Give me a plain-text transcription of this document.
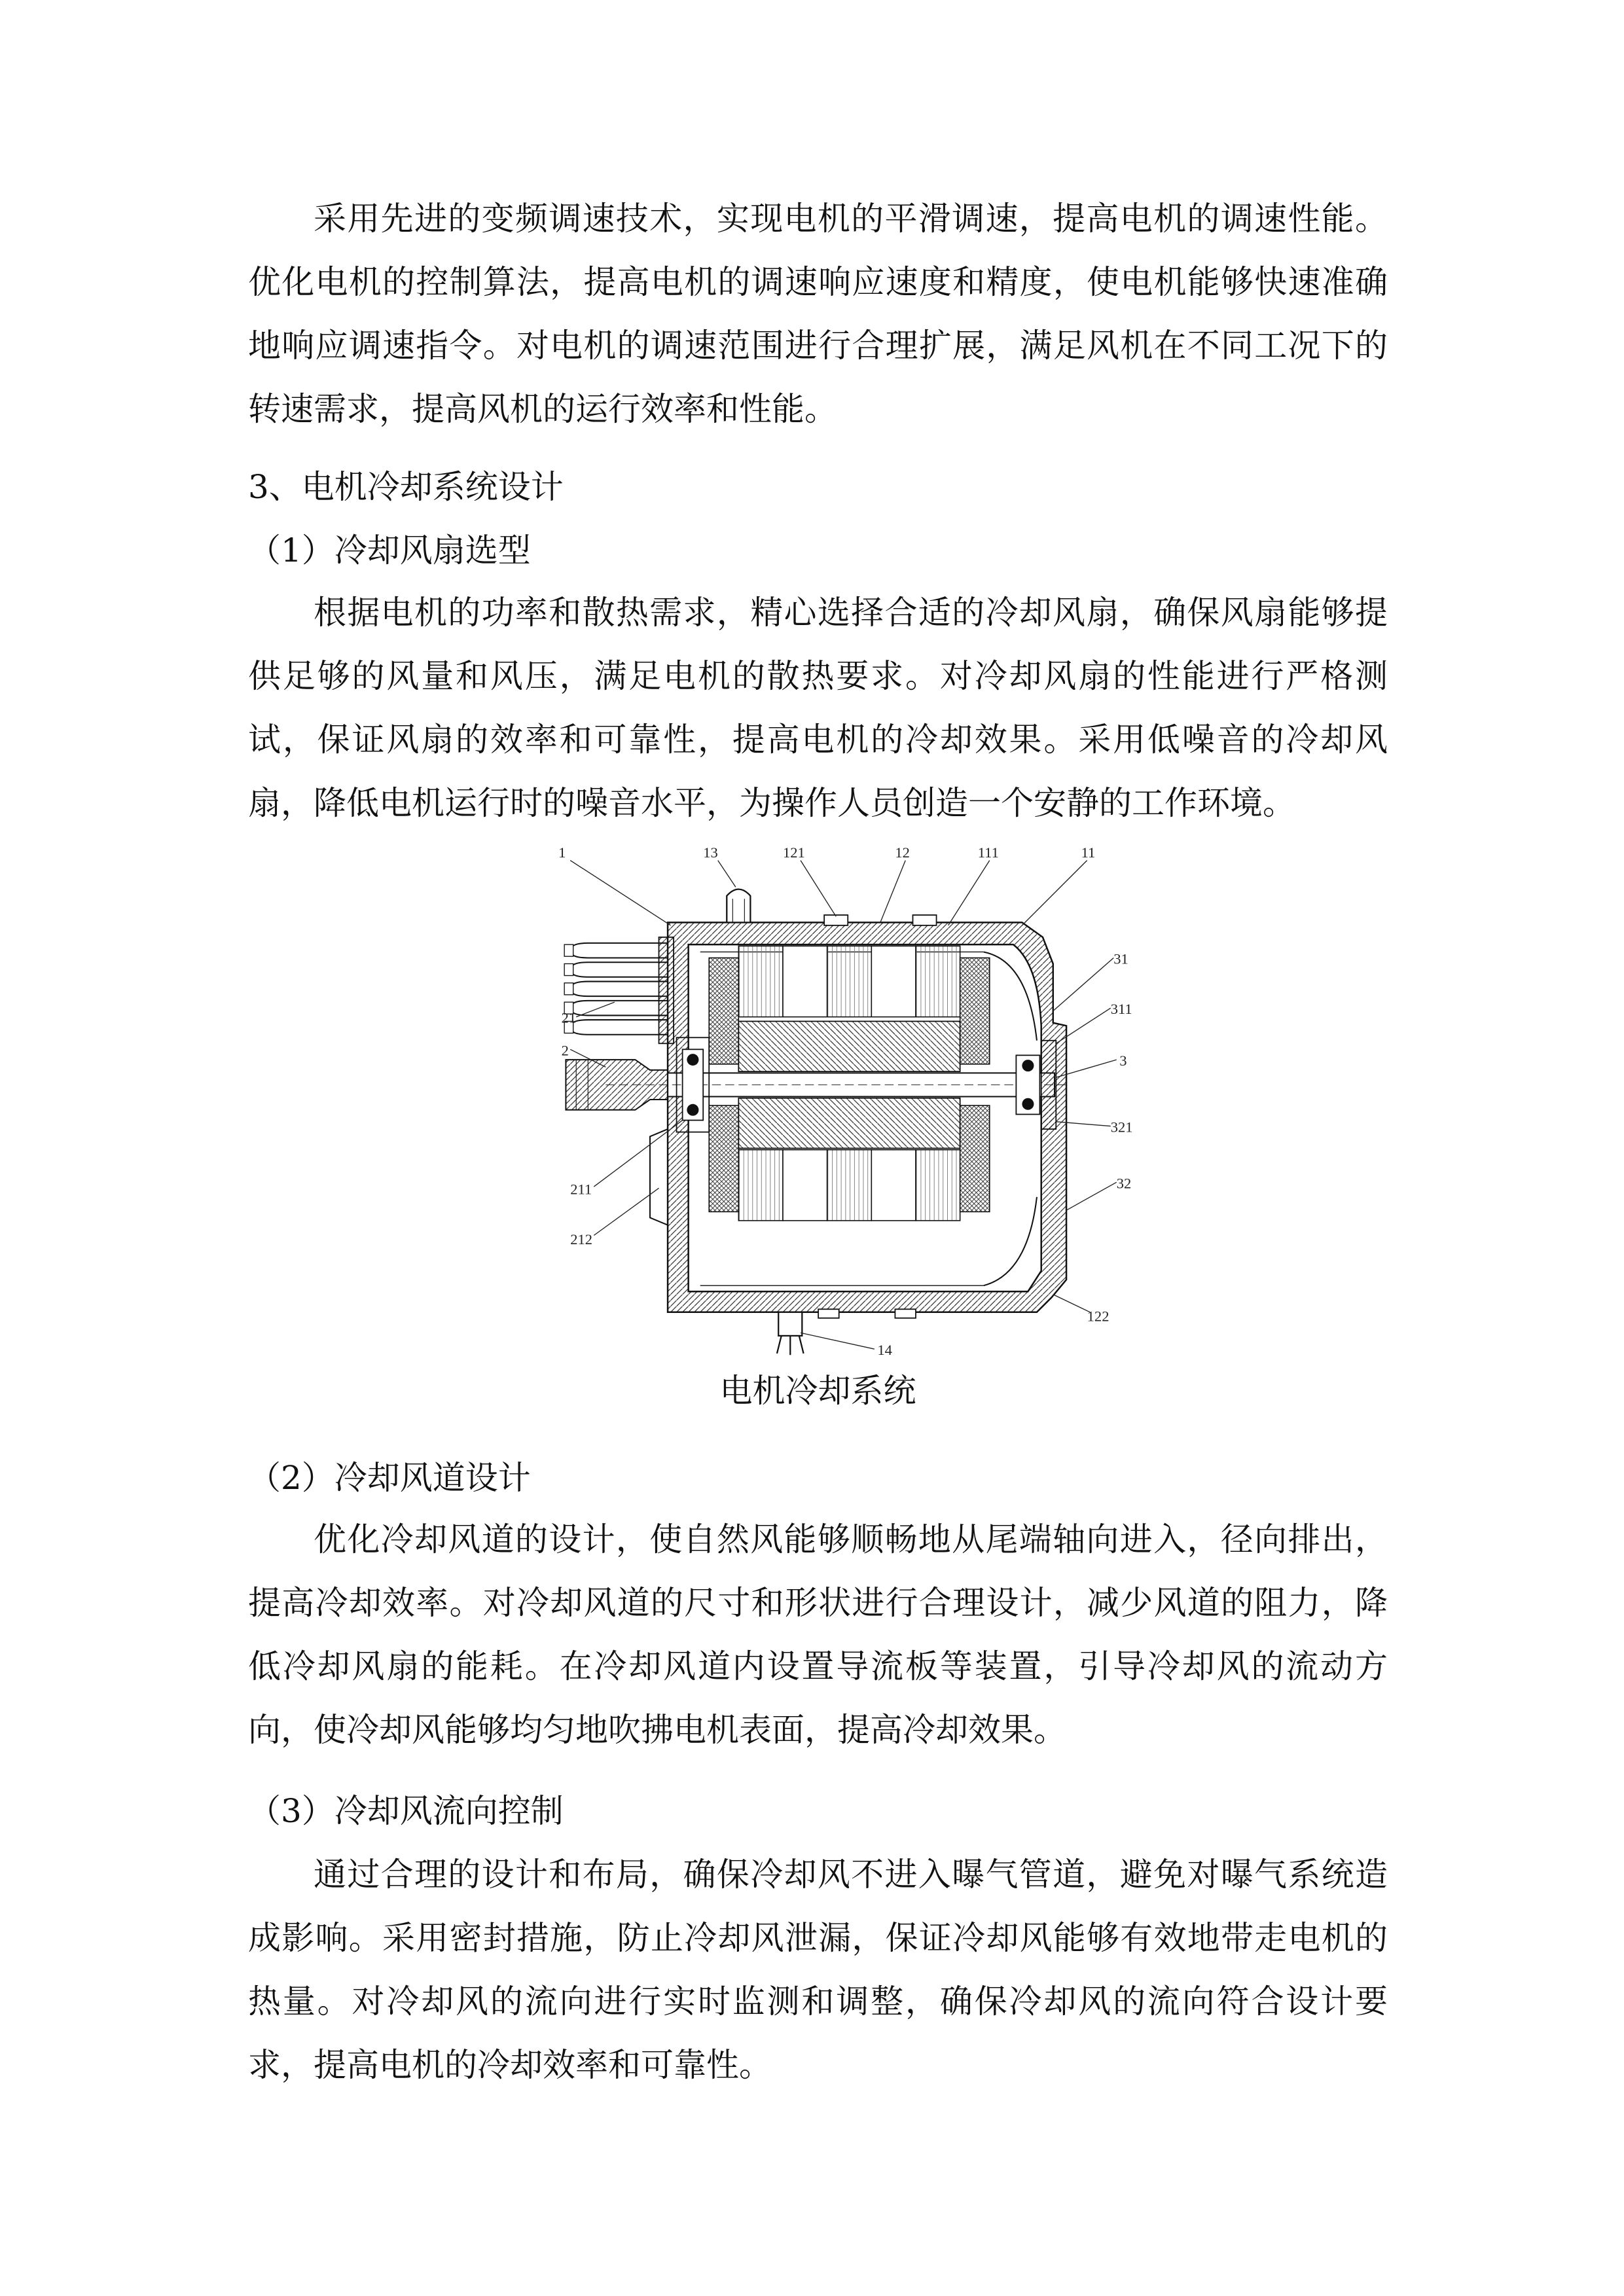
采用先进的变频调速技术，实现电机的平滑调速，提高电机的调速性能。
优化电机的控制算法，提高电机的调速响应速度和精度，使电机能够快速准确
地响应调速指令。对电机的调速范围进行合理扩展，满足风机在不同工况下的
转速需求，提高风机的运行效率和性能。
3、电机冷却系统设计
（1）冷却风扇选型
根据电机的功率和散热需求，精心选择合适的冷却风扇，确保风扇能够提
供足够的风量和风压，满足电机的散热要求。对冷却风扇的性能进行严格测
试，保证风扇的效率和可靠性，提高电机的冷却效果。采用低噪音的冷却风
扇，降低电机运行时的噪音水平，为操作人员创造一个安静的工作环境。
1	13	121	12	111	11
31
311
3
321
32
122
14
212
211
2
21
电机冷却系统
（2）冷却风道设计
优化冷却风道的设计，使自然风能够顺畅地从尾端轴向进入，径向排出，
提高冷却效率。对冷却风道的尺寸和形状进行合理设计，减少风道的阻力，降
低冷却风扇的能耗。在冷却风道内设置导流板等装置，引导冷却风的流动方
向，使冷却风能够均匀地吹拂电机表面，提高冷却效果。
（3）冷却风流向控制
通过合理的设计和布局，确保冷却风不进入曝气管道，避免对曝气系统造
成影响。采用密封措施，防止冷却风泄漏，保证冷却风能够有效地带走电机的
热量。对冷却风的流向进行实时监测和调整，确保冷却风的流向符合设计要
求，提高电机的冷却效率和可靠性。
